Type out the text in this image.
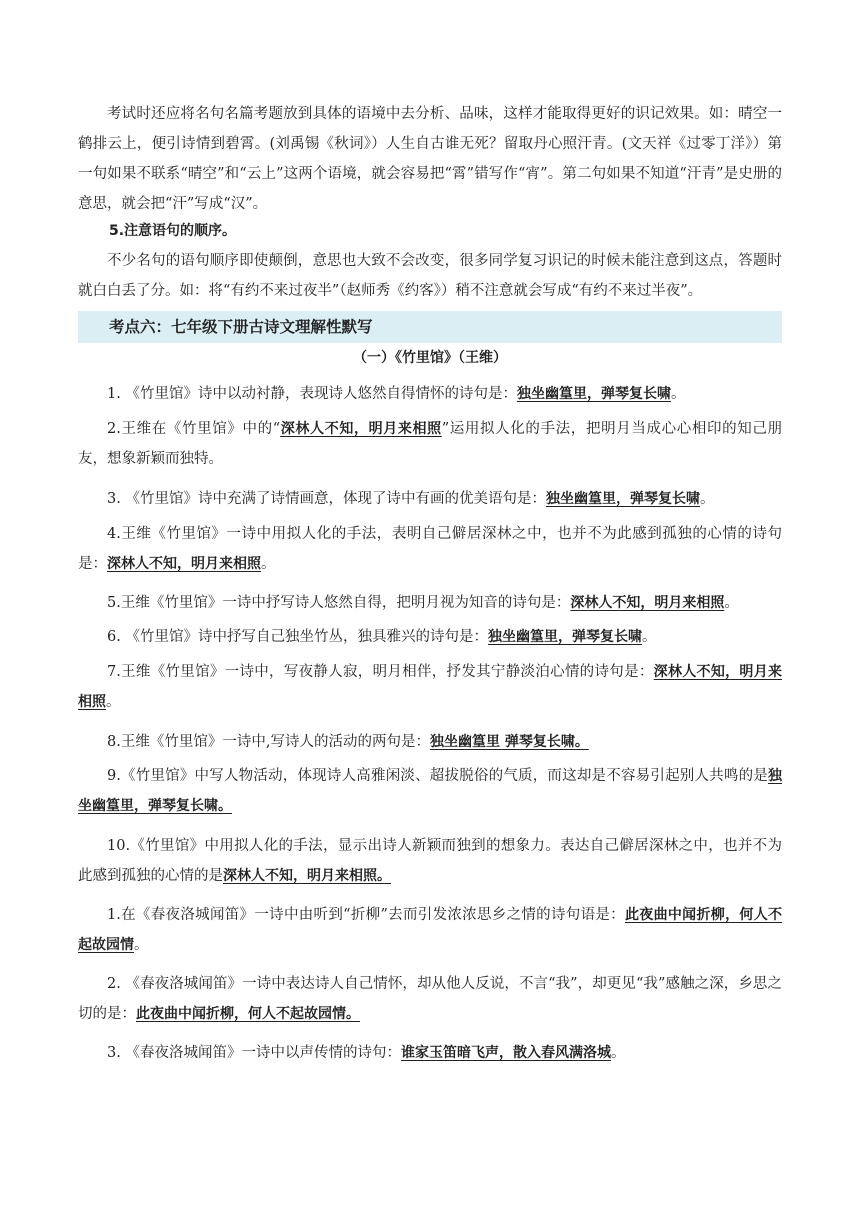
考试时还应将名句名篇考题放到具体的语境中去分析、品味，这样才能取得更好的识记效果。如：晴空一鹤排云上，便引诗情到碧霄。(刘禹锡《秋词》）人生自古谁无死？留取丹心照汗青。(文天祥《过零丁洋》）第一句如果不联系“晴空”和“云上”这两个语境，就会容易把“霄”错写作“宵”。第二句如果不知道“汗青”是史册的意思，就会把“汗”写成“汉”。

5.注意语句的顺序。

不少名句的语句顺序即使颠倒，意思也大致不会改变，很多同学复习识记的时候未能注意到这点，答题时就白白丢了分。如：将“有约不来过夜半”（赵师秀《约客》）稍不注意就会写成“有约不来过半夜”。

考点六：七年级下册古诗文理解性默写
（一）《竹里馆》（王维）

1. 《竹里馆》诗中以动衬静，表现诗人悠然自得情怀的诗句是：独坐幽篁里，弹琴复长啸。

2.王维在《竹里馆》中的“深林人不知，明月来相照”运用拟人化的手法，把明月当成心心相印的知己朋友，想象新颖而独特。

3. 《竹里馆》诗中充满了诗情画意，体现了诗中有画的优美语句是：独坐幽篁里，弹琴复长啸。

4.王维《竹里馆》一诗中用拟人化的手法，表明自己僻居深林之中，也并不为此感到孤独的心情的诗句是：深林人不知，明月来相照。

5.王维《竹里馆》一诗中抒写诗人悠然自得，把明月视为知音的诗句是：深林人不知，明月来相照。

6. 《竹里馆》诗中抒写自己独坐竹丛，独具雅兴的诗句是：独坐幽篁里，弹琴复长啸。

7.王维《竹里馆》一诗中，写夜静人寂，明月相伴，抒发其宁静淡泊心情的诗句是：深林人不知，明月来相照。

8.王维《竹里馆》一诗中,写诗人的活动的两句是：独坐幽篁里 弹琴复长啸。

9.《竹里馆》中写人物活动，体现诗人高雅闲淡、超拔脱俗的气质，而这却是不容易引起别人共鸣的是独坐幽篁里，弹琴复长啸。

10.《竹里馆》中用拟人化的手法，显示出诗人新颖而独到的想象力。表达自己僻居深林之中，也并不为此感到孤独的心情的是深林人不知，明月来相照。

1.在《春夜洛城闻笛》一诗中由听到“折柳”去而引发浓浓思乡之情的诗句语是：此夜曲中闻折柳，何人不起故园情。

2. 《春夜洛城闻笛》一诗中表达诗人自己情怀，却从他人反说，不言“我”，却更见“我”感触之深，乡思之切的是：此夜曲中闻折柳，何人不起故园情。

3. 《春夜洛城闻笛》一诗中以声传情的诗句：谁家玉笛暗飞声，散入春风满洛城。
